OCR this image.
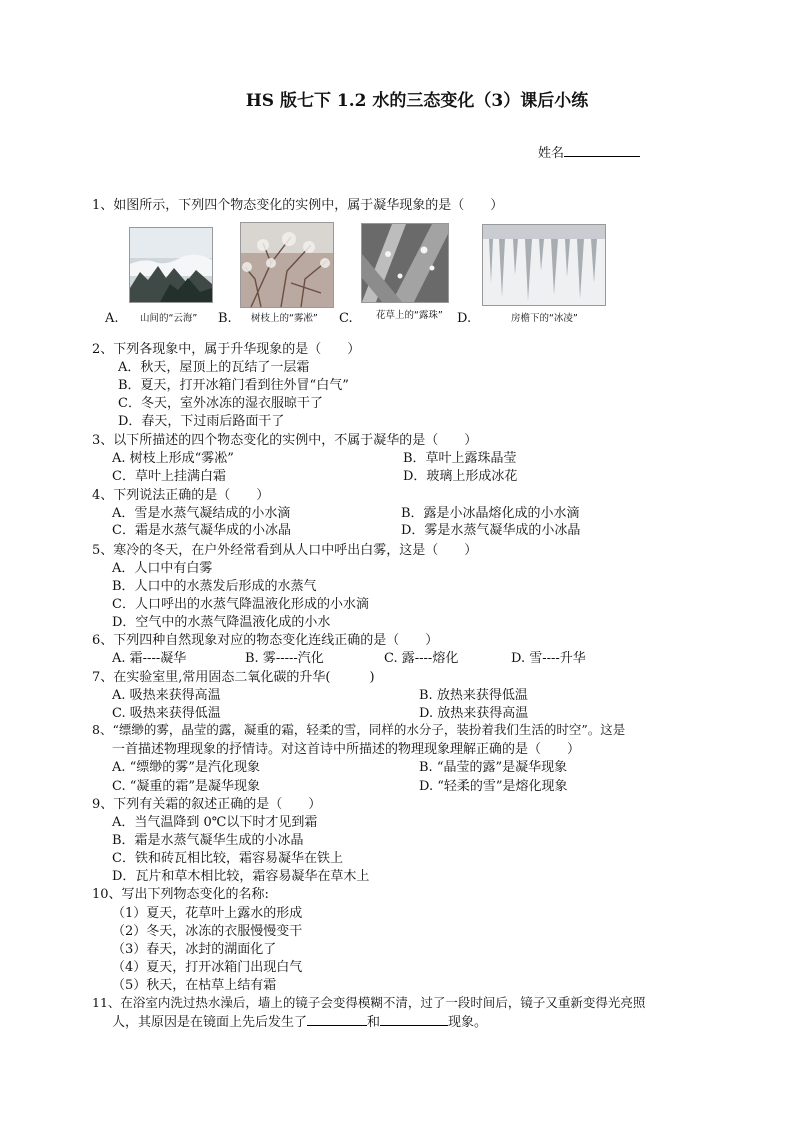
HS 版七下 1.2 水的三态变化（3）课后小练
姓名
1、如图所示，下列四个物态变化的实例中，属于凝华现象的是（　　）
A. 山间的“云海” B. 树枝上的“雾凇” C. 花草上的“露珠” D.	房檐下的“冰凌”
2、下列各现象中，属于升华现象的是（　　）
A．秋天，屋顶上的瓦结了一层霜
B．夏天，打开冰箱门看到往外冒“白气”
C．冬天，室外冰冻的湿衣服晾干了
D．春天，下过雨后路面干了
3、以下所描述的四个物态变化的实例中，不属于凝华的是（　　）
A. 树枝上形成“雾凇”	B．草叶上露珠晶莹
C．草叶上挂满白霜	D．玻璃上形成冰花
4、下列说法正确的是（　　）
A．雪是水蒸气凝结成的小水滴	B．露是小冰晶熔化成的小水滴
C．霜是水蒸气凝华成的小冰晶	D．雾是水蒸气凝华成的小冰晶
5、寒冷的冬天，在户外经常看到从人口中呼出白雾，这是（　　）
A．人口中有白雾
B．人口中的水蒸发后形成的水蒸气
C．人口呼出的水蒸气降温液化形成的小水滴
D．空气中的水蒸气降温液化成的小水
6、下列四种自然现象对应的物态变化连线正确的是（　　）
A. 霜----凝华	B. 雾-----汽化	C. 露----熔化	D. 雪----升华
7、在实验室里,常用固态二氧化碳的升华(　　　)
A. 吸热来获得高温	B. 放热来获得低温
C. 吸热来获得低温	D. 放热来获得高温
8、“缥缈的雾，晶莹的露，凝重的霜，轻柔的雪，同样的水分子，装扮着我们生活的时空”。这是
一首描述物理现象的抒情诗。对这首诗中所描述的物理现象理解正确的是（　　）
A. “缥缈的雾”是汽化现象	B. “晶莹的露”是凝华现象
C. “凝重的霜”是凝华现象	D. “轻柔的雪”是熔化现象
9、下列有关霜的叙述正确的是（　　）
A．当气温降到 0℃以下时才见到霜
B．霜是水蒸气凝华生成的小冰晶
C．铁和砖瓦相比较，霜容易凝华在铁上
D．瓦片和草木相比较，霜容易凝华在草木上
10、写出下列物态变化的名称:
（1）夏天，花草叶上露水的形成
（2）冬天，冰冻的衣服慢慢变干
（3）春天，冰封的湖面化了
（4）夏天，打开冰箱门出现白气
（5）秋天，在枯草上结有霜
11、在浴室内洗过热水澡后，墙上的镜子会变得模糊不清，过了一段时间后，镜子又重新变得光亮照
人，其原因是在镜面上先后发生了	和	现象。
